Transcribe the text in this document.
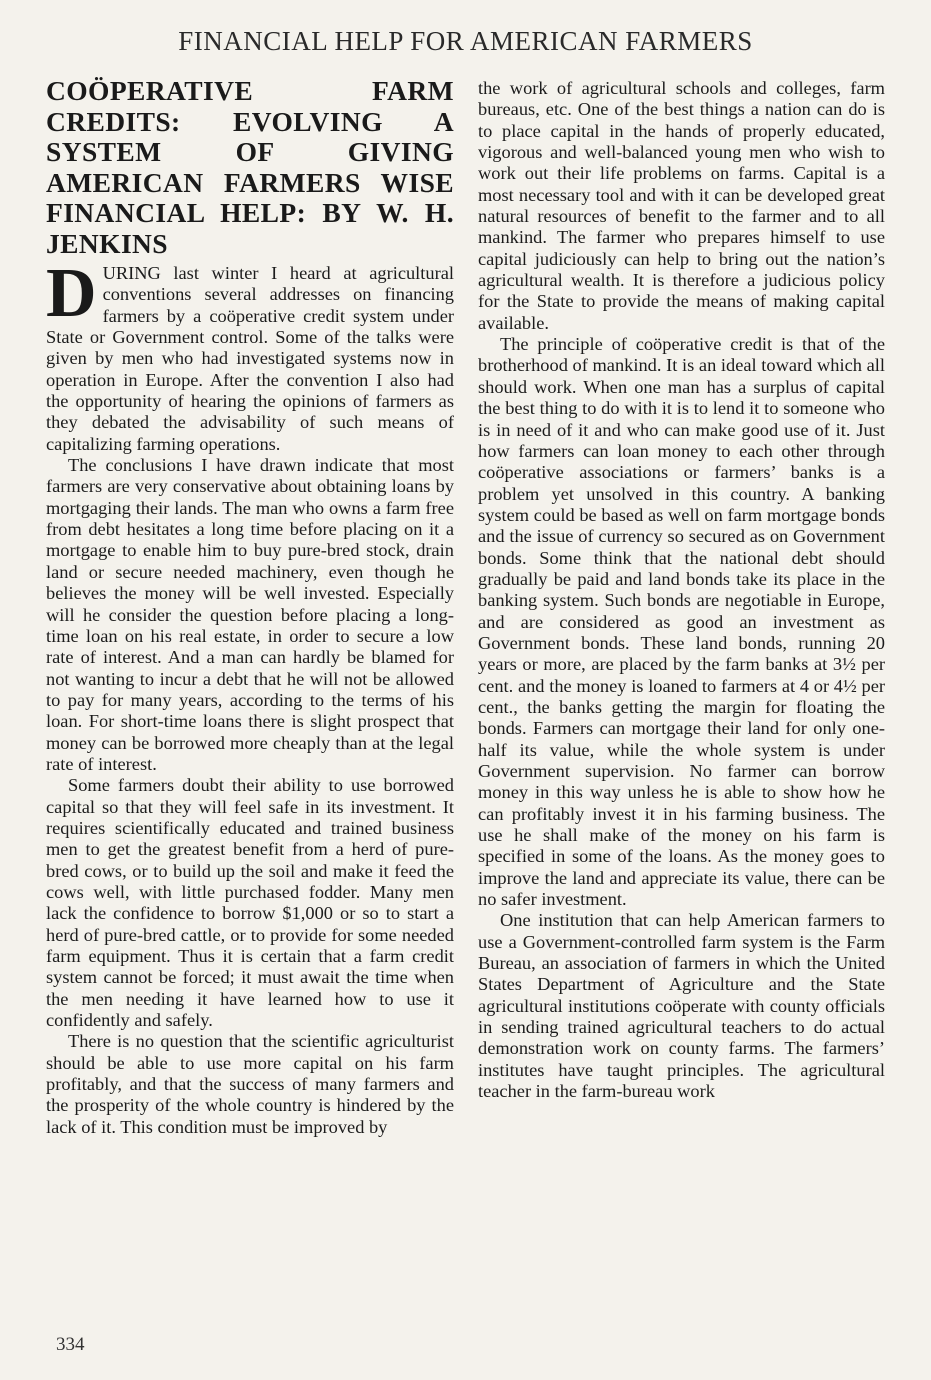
FINANCIAL HELP FOR AMERICAN FARMERS
COÖPERATIVE FARM CREDITS: EVOLVING A SYSTEM OF GIVING AMERICAN FARMERS WISE FINANCIAL HELP: BY W. H. JENKINS

DURING last winter I heard at agricultural conventions several addresses on financing farmers by a coöperative credit system under State or Government control. Some of the talks were given by men who had investigated systems now in operation in Europe. After the convention I also had the opportunity of hearing the opinions of farmers as they debated the advisability of such means of capitalizing farming operations.

The conclusions I have drawn indicate that most farmers are very conservative about obtaining loans by mortgaging their lands. The man who owns a farm free from debt hesitates a long time before placing on it a mortgage to enable him to buy pure-bred stock, drain land or secure needed machinery, even though he believes the money will be well invested. Especially will he consider the question before placing a long-time loan on his real estate, in order to secure a low rate of interest. And a man can hardly be blamed for not wanting to incur a debt that he will not be allowed to pay for many years, according to the terms of his loan. For short-time loans there is slight prospect that money can be borrowed more cheaply than at the legal rate of interest.

Some farmers doubt their ability to use borrowed capital so that they will feel safe in its investment. It requires scientifically educated and trained business men to get the greatest benefit from a herd of pure-bred cows, or to build up the soil and make it feed the cows well, with little purchased fodder. Many men lack the confidence to borrow $1,000 or so to start a herd of pure-bred cattle, or to provide for some needed farm equipment. Thus it is certain that a farm credit system cannot be forced; it must await the time when the men needing it have learned how to use it confidently and safely.

There is no question that the scientific agriculturist should be able to use more capital on his farm profitably, and that the success of many farmers and the prosperity of the whole country is hindered by the lack of it. This condition must be improved by

the work of agricultural schools and colleges, farm bureaus, etc. One of the best things a nation can do is to place capital in the hands of properly educated, vigorous and well-balanced young men who wish to work out their life problems on farms. Capital is a most necessary tool and with it can be developed great natural resources of benefit to the farmer and to all mankind. The farmer who prepares himself to use capital judiciously can help to bring out the nation’s agricultural wealth. It is therefore a judicious policy for the State to provide the means of making capital available.

The principle of coöperative credit is that of the brotherhood of mankind. It is an ideal toward which all should work. When one man has a surplus of capital the best thing to do with it is to lend it to someone who is in need of it and who can make good use of it. Just how farmers can loan money to each other through coöperative associations or farmers’ banks is a problem yet unsolved in this country. A banking system could be based as well on farm mortgage bonds and the issue of currency so secured as on Government bonds. Some think that the national debt should gradually be paid and land bonds take its place in the banking system. Such bonds are negotiable in Europe, and are considered as good an investment as Government bonds. These land bonds, running 20 years or more, are placed by the farm banks at 3½ per cent. and the money is loaned to farmers at 4 or 4½ per cent., the banks getting the margin for floating the bonds. Farmers can mortgage their land for only one-half its value, while the whole system is under Government supervision. No farmer can borrow money in this way unless he is able to show how he can profitably invest it in his farming business. The use he shall make of the money on his farm is specified in some of the loans. As the money goes to improve the land and appreciate its value, there can be no safer investment.

One institution that can help American farmers to use a Government-controlled farm system is the Farm Bureau, an association of farmers in which the United States Department of Agriculture and the State agricultural institutions coöperate with county officials in sending trained agricultural teachers to do actual demonstration work on county farms. The farmers’ institutes have taught principles. The agricultural teacher in the farm-bureau work

334
